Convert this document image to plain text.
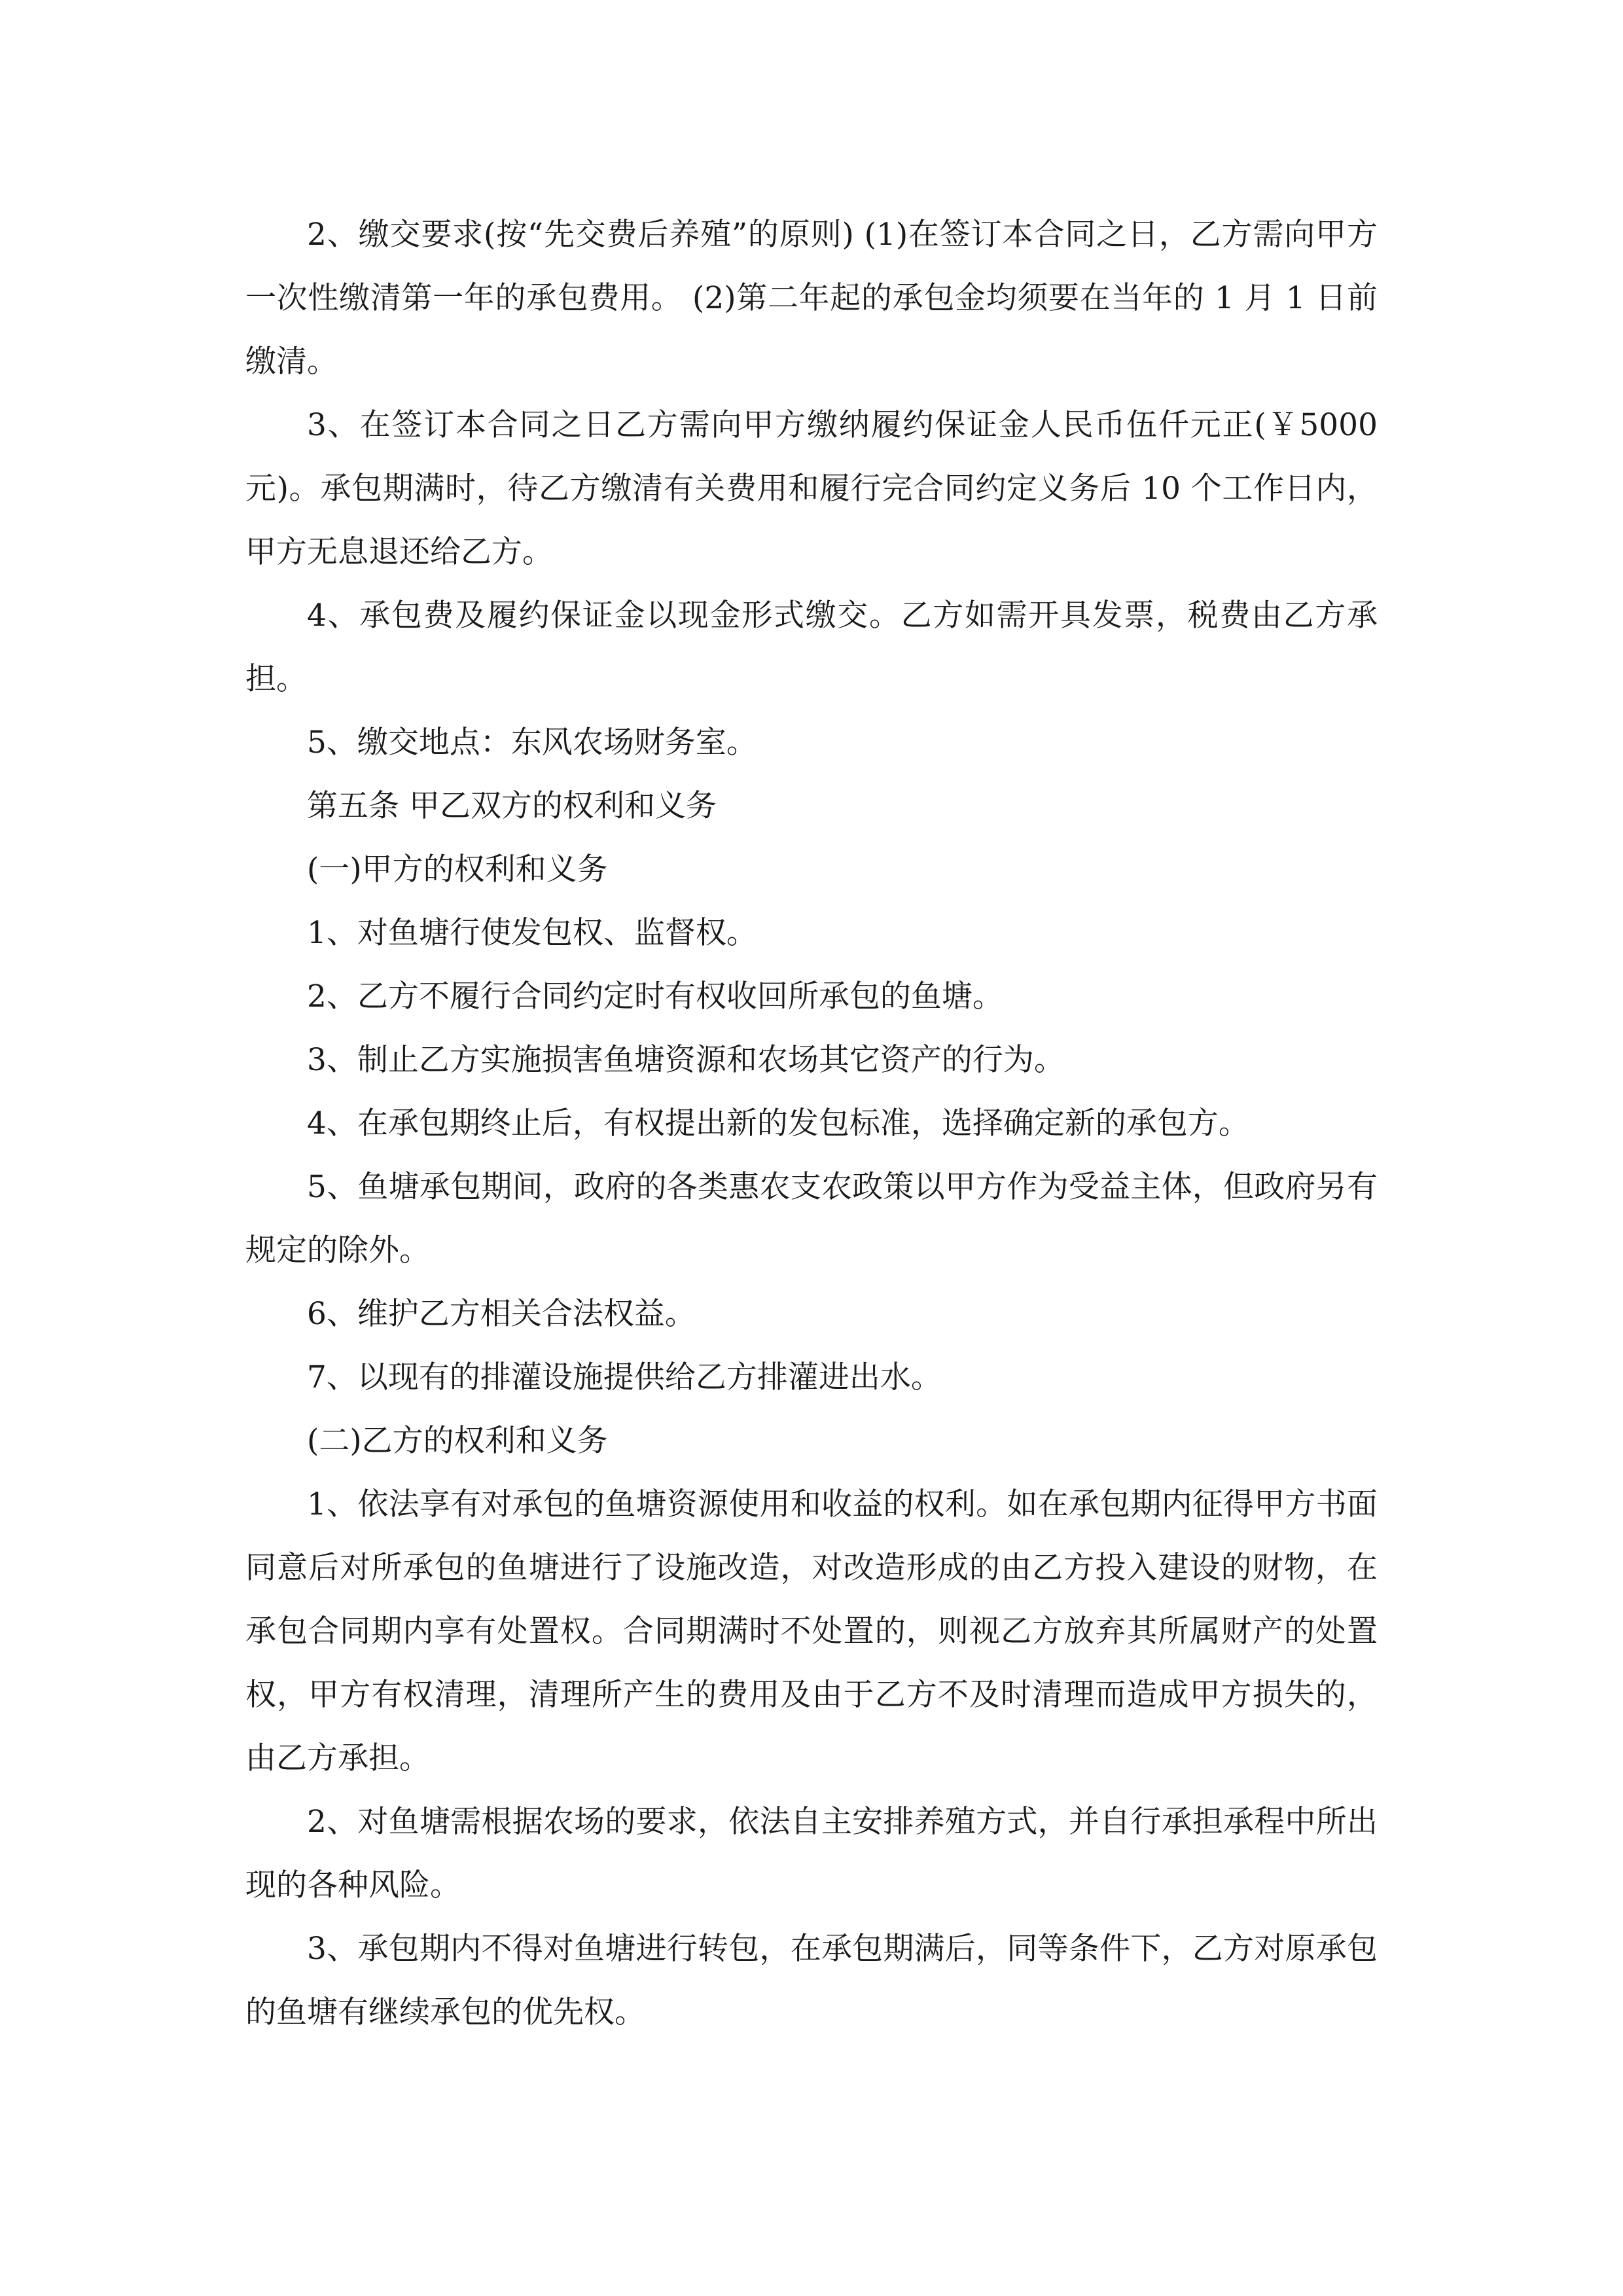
2、缴交要求(按“先交费后养殖”的原则) (1)在签订本合同之日，乙方需向甲方一次性缴清第一年的承包费用。 (2)第二年起的承包金均须要在当年的 1 月 1 日前缴清。

3、在签订本合同之日乙方需向甲方缴纳履约保证金人民币伍仟元正(￥5000元)。承包期满时，待乙方缴清有关费用和履行完合同约定义务后 10 个工作日内，甲方无息退还给乙方。

4、承包费及履约保证金以现金形式缴交。乙方如需开具发票，税费由乙方承担。

5、缴交地点：东风农场财务室。

第五条 甲乙双方的权利和义务

(一)甲方的权利和义务

1、对鱼塘行使发包权、监督权。

2、乙方不履行合同约定时有权收回所承包的鱼塘。

3、制止乙方实施损害鱼塘资源和农场其它资产的行为。

4、在承包期终止后，有权提出新的发包标准，选择确定新的承包方。

5、鱼塘承包期间，政府的各类惠农支农政策以甲方作为受益主体，但政府另有规定的除外。

6、维护乙方相关合法权益。

7、以现有的排灌设施提供给乙方排灌进出水。

(二)乙方的权利和义务

1、依法享有对承包的鱼塘资源使用和收益的权利。如在承包期内征得甲方书面同意后对所承包的鱼塘进行了设施改造，对改造形成的由乙方投入建设的财物，在承包合同期内享有处置权。合同期满时不处置的，则视乙方放弃其所属财产的处置权，甲方有权清理，清理所产生的费用及由于乙方不及时清理而造成甲方损失的，由乙方承担。

2、对鱼塘需根据农场的要求，依法自主安排养殖方式，并自行承担承程中所出现的各种风险。

3、承包期内不得对鱼塘进行转包，在承包期满后，同等条件下，乙方对原承包的鱼塘有继续承包的优先权。
